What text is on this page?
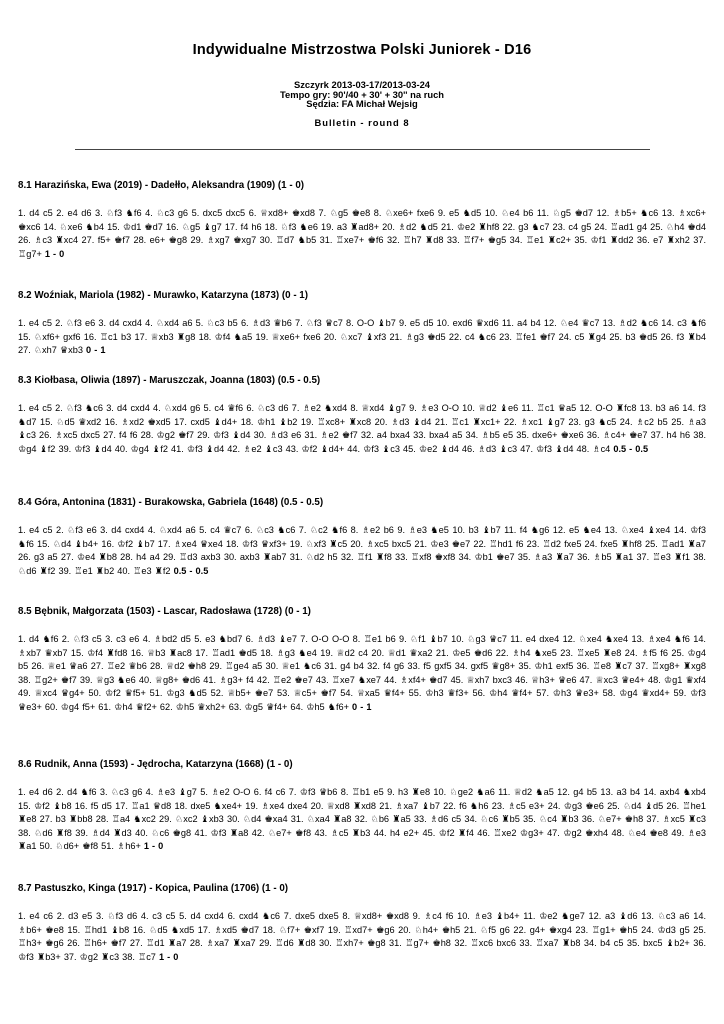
Indywidualne Mistrzostwa Polski Juniorek - D16
Szczyrk 2013-03-17/2013-03-24
Tempo gry: 90'/40 + 30' + 30'' na ruch
Sędzia: FA Michał Wejsig
Bulletin - round 8
8.1 Harazińska, Ewa (2019) - Dadełło, Aleksandra (1909) (1 - 0)
1. d4 c5 2. e4 d6 3. ♘f3 ♞f6 4. ♘c3 g6 5. dxc5 dxc5 6. ♕xd8+ ♚xd8 7. ♘g5 ♚e8 8. ♘xe6+ fxe6 9. e5 ♞d5 10. ♘e4 b6 11. ♘g5 ♚d7 12. ♗b5+ ♞c6 13. ♗xc6+ ♚xc6 14. ♘xe6 ♞b4 15. ♔d1 ♚d7 16. ♘g5 ♝g7 17. f4 h6 18. ♘f3 ♞e6 19. a3 ♜ad8+ 20. ♗d2 ♞d5 21. ♔e2 ♜hf8 22. g3 ♞c7 23. c4 g5 24. ♖ad1 g4 25. ♘h4 ♚d4 26. ♗c3 ♜xc4 27. f5+ ♚f7 28. e6+ ♚g8 29. ♗xg7 ♚xg7 30. ♖d7 ♞b5 31. ♖xe7+ ♚f6 32. ♖h7 ♜d8 33. ♖f7+ ♚g5 34. ♖e1 ♜c2+ 35. ♔f1 ♜dd2 36. e7 ♜xh2 37. ♖g7+ 1 - 0
8.2 Woźniak, Mariola (1982) - Murawko, Katarzyna (1873) (0 - 1)
1. e4 c5 2. ♘f3 e6 3. d4 cxd4 4. ♘xd4 a6 5. ♘c3 b5 6. ♗d3 ♛b6 7. ♘f3 ♛c7 8. O-O ♝b7 9. e5 d5 10. exd6 ♛xd6 11. a4 b4 12. ♘e4 ♛c7 13. ♗d2 ♞c6 14. c3 ♞f6 15. ♘xf6+ gxf6 16. ♖c1 b3 17. ♕xb3 ♜g8 18. ♔f4 ♞a5 19. ♕xe6+ fxe6 20. ♘xc7 ♝xf3 21. ♗g3 ♚d5 22. c4 ♞c6 23. ♖fe1 ♚f7 24. c5 ♜g4 25. b3 ♚d5 26. f3 ♜b4 27. ♘xh7 ♛xb3 0 - 1
8.3 Kiołbasa, Oliwia (1897) - Maruszczak, Joanna (1803) (0.5 - 0.5)
1. e4 c5 2. ♘f3 ♞c6 3. d4 cxd4 4. ♘xd4 g6 5. c4 ♛f6 6. ♘c3 d6 7. ♗e2 ♞xd4 8. ♕xd4 ♝g7 9. ♗e3 O-O 10. ♕d2 ♝e6 11. ♖c1 ♛a5 12. O-O ♜fc8 13. b3 a6 14. f3 ♞d7 15. ♘d5 ♛xd2 16. ♗xd2 ♚xd5 17. cxd5 ♝d4+ 18. ♔h1 ♝b2 19. ♖xc8+ ♜xc8 20. ♗d3 ♝d4 21. ♖c1 ♜xc1+ 22. ♗xc1 ♝g7 23. g3 ♞c5 24. ♗c2 b5 25. ♗a3 ♝c3 26. ♗xc5 dxc5 27. f4 f6 28. ♔g2 ♚f7 29. ♔f3 ♝d4 30. ♗d3 e6 31. ♗e2 ♚f7 32. a4 bxa4 33. bxa4 a5 34. ♗b5 e5 35. dxe6+ ♚xe6 36. ♗c4+ ♚e7 37. h4 h6 38. ♔g4 ♝f2 39. ♔f3 ♝d4 40. ♔g4 ♝f2 41. ♔f3 ♝d4 42. ♗e2 ♝c3 43. ♔f2 ♝d4+ 44. ♔f3 ♝c3 45. ♔e2 ♝d4 46. ♗d3 ♝c3 47. ♔f3 ♝d4 48. ♗c4 0.5 - 0.5
8.4 Góra, Antonina (1831) - Burakowska, Gabriela (1648) (0.5 - 0.5)
1. e4 c5 2. ♘f3 e6 3. d4 cxd4 4. ♘xd4 a6 5. c4 ♛c7 6. ♘c3 ♞c6 7. ♘c2 ♞f6 8. ♗e2 b6 9. ♗e3 ♞e5 10. b3 ♝b7 11. f4 ♞g6 12. e5 ♞e4 13. ♘xe4 ♝xe4 14. ♔f3 ♞f6 15. ♘d4 ♝b4+ 16. ♔f2 ♝b7 17. ♗xe4 ♛xe4 18. ♔f3 ♛xf3+ 19. ♘xf3 ♜c5 20. ♗xc5 bxc5 21. ♔e3 ♚e7 22. ♖hd1 f6 23. ♖d2 fxe5 24. fxe5 ♜hf8 25. ♖ad1 ♜a7 26. g3 a5 27. ♔e4 ♜b8 28. h4 a4 29. ♖d3 axb3 30. axb3 ♜ab7 31. ♘d2 h5 32. ♖f1 ♜f8 33. ♖xf8 ♚xf8 34. ♔b1 ♚e7 35. ♗a3 ♜a7 36. ♗b5 ♜a1 37. ♖e3 ♜f1 38. ♘d6 ♜f2 39. ♖e1 ♜b2 40. ♖e3 ♜f2 0.5 - 0.5
8.5 Bębnik, Małgorzata (1503) - Lascar, Radosława (1728) (0 - 1)
1. d4 ♞f6 2. ♘f3 c5 3. c3 e6 4. ♗bd2 d5 5. e3 ♞bd7 6. ♗d3 ♝e7 7. O-O O-O 8. ♖e1 b6 9. ♘f1 ♝b7 10. ♘g3 ♛c7 11. e4 dxe4 12. ♘xe4 ♞xe4 13. ♗xe4 ♞f6 14. ♗xb7 ♛xb7 15. ♔f4 ♜fd8 16. ♕b3 ♜ac8 17. ♖ad1 ♚d5 18. ♗g3 ♞e4 19. ♕d2 c4 20. ♕d1 ♛xa2 21. ♔e5 ♚d6 22. ♗h4 ♞xe5 23. ♖xe5 ♜e8 24. ♗f5 f6 25. ♔g4 b5 26. ♕e1 ♛a6 27. ♖e2 ♛b6 28. ♕d2 ♚h8 29. ♖ge4 a5 30. ♕e1 ♞c6 31. g4 b4 32. f4 g6 33. f5 gxf5 34. gxf5 ♛g8+ 35. ♔h1 exf5 36. ♖e8 ♜c7 37. ♖xg8+ ♜xg8 38. ♖g2+ ♚f7 39. ♕g3 ♞e6 40. ♕g8+ ♚d6 41. ♗g3+ f4 42. ♖e2 ♚e7 43. ♖xe7 ♞xe7 44. ♗xf4+ ♚d7 45. ♕xh7 bxc3 46. ♕h3+ ♛e6 47. ♕xc3 ♛e4+ 48. ♔g1 ♛xf4 49. ♕xc4 ♛g4+ 50. ♔f2 ♛f5+ 51. ♔g3 ♞d5 52. ♕b5+ ♚e7 53. ♕c5+ ♚f7 54. ♕xa5 ♛f4+ 55. ♔h3 ♛f3+ 56. ♔h4 ♛f4+ 57. ♔h3 ♛e3+ 58. ♔g4 ♛xd4+ 59. ♔f3 ♛e3+ 60. ♔g4 f5+ 61. ♔h4 ♛f2+ 62. ♔h5 ♛xh2+ 63. ♔g5 ♛f4+ 64. ♔h5 ♞f6+ 0 - 1
8.6 Rudnik, Anna (1593) - Jędrocha, Katarzyna (1668) (1 - 0)
1. e4 d6 2. d4 ♞f6 3. ♘c3 g6 4. ♗e3 ♝g7 5. ♗e2 O-O 6. f4 c6 7. ♔f3 ♛b6 8. ♖b1 e5 9. h3 ♜e8 10. ♘ge2 ♞a6 11. ♕d2 ♞a5 12. g4 b5 13. a3 b4 14. axb4 ♞xb4 15. ♔f2 ♝b8 16. f5 d5 17. ♖a1 ♛d8 18. dxe5 ♞xe4+ 19. ♗xe4 dxe4 20. ♕xd8 ♜xd8 21. ♗xa7 ♝b7 22. f6 ♞h6 23. ♗c5 e3+ 24. ♔g3 ♚e6 25. ♘d4 ♝d5 26. ♖he1 ♜e8 27. b3 ♜bb8 28. ♖a4 ♞xc2 29. ♘xc2 ♝xb3 30. ♘d4 ♚xa4 31. ♘xa4 ♜a8 32. ♘b6 ♜a5 33. ♗d6 c5 34. ♘c6 ♜b5 35. ♘c4 ♜b3 36. ♘e7+ ♚h8 37. ♗xc5 ♜c3 38. ♘d6 ♜f8 39. ♗d4 ♜d3 40. ♘c6 ♚g8 41. ♔f3 ♜a8 42. ♘e7+ ♚f8 43. ♗c5 ♜b3 44. h4 e2+ 45. ♔f2 ♜f4 46. ♖xe2 ♔g3+ 47. ♔g2 ♚xh4 48. ♘e4 ♚e8 49. ♗e3 ♜a1 50. ♘d6+ ♚f8 51. ♗h6+ 1 - 0
8.7 Pastuszko, Kinga (1917) - Kopica, Paulina (1706) (1 - 0)
1. e4 c6 2. d3 e5 3. ♘f3 d6 4. c3 c5 5. d4 cxd4 6. cxd4 ♞c6 7. dxe5 dxe5 8. ♕xd8+ ♚xd8 9. ♗c4 f6 10. ♗e3 ♝b4+ 11. ♔e2 ♞ge7 12. a3 ♝d6 13. ♘c3 a6 14. ♗b6+ ♚e8 15. ♖hd1 ♝b8 16. ♘d5 ♞xd5 17. ♗xd5 ♚d7 18. ♘f7+ ♚xf7 19. ♖xd7+ ♚g6 20. ♘h4+ ♚h5 21. ♘f5 g6 22. g4+ ♚xg4 23. ♖g1+ ♚h5 24. ♔d3 g5 25. ♖h3+ ♚g6 26. ♖h6+ ♚f7 27. ♖d1 ♜a7 28. ♗xa7 ♜xa7 29. ♖d6 ♜d8 30. ♖xh7+ ♚g8 31. ♖g7+ ♚h8 32. ♖xc6 bxc6 33. ♖xa7 ♜b8 34. b4 c5 35. bxc5 ♝b2+ 36. ♔f3 ♜b3+ 37. ♔g2 ♜c3 38. ♖c7 1 - 0
